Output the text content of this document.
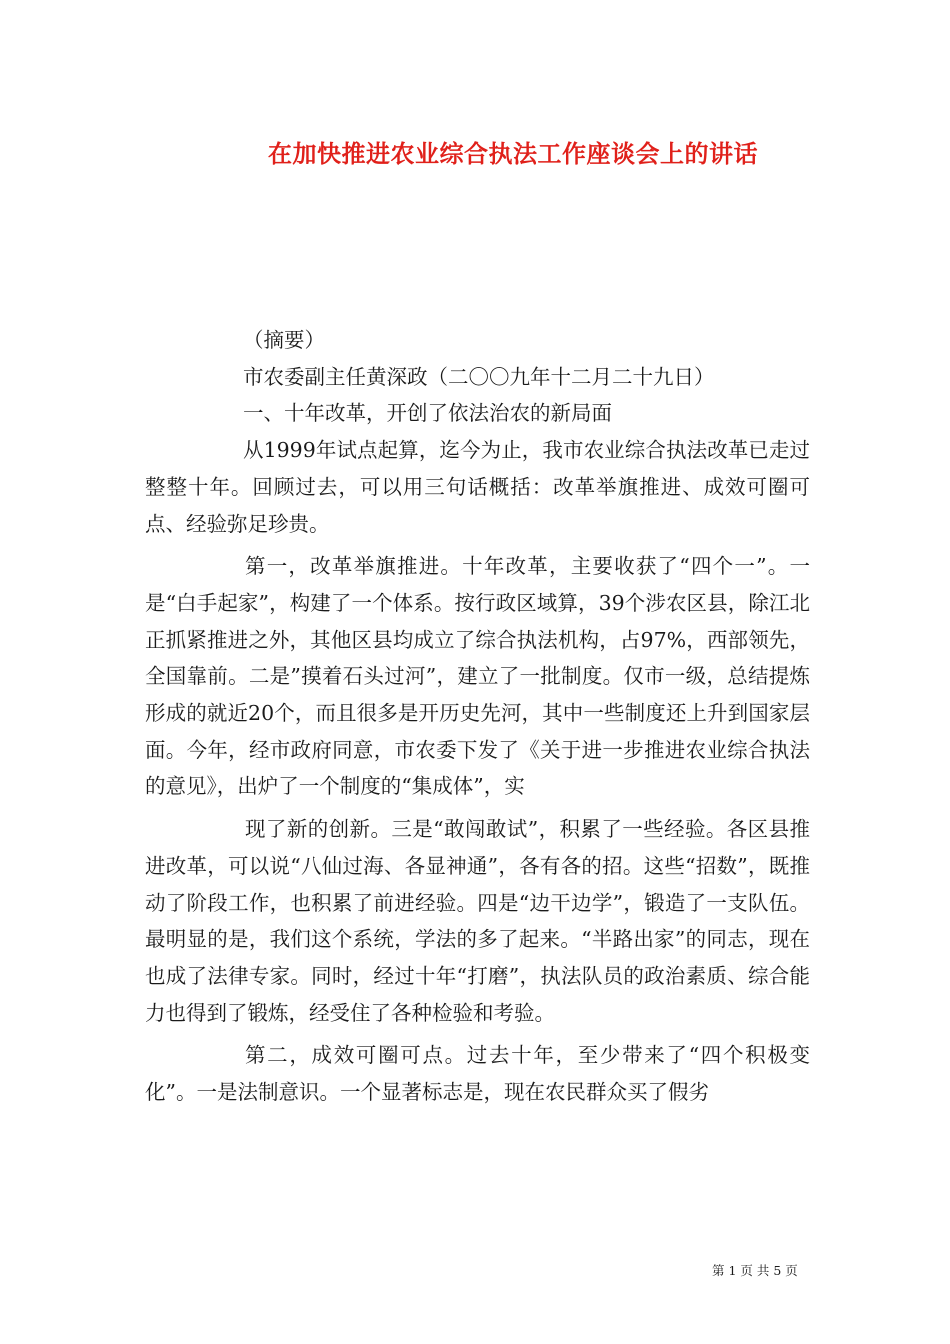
在加快推进农业综合执法工作座谈会上的讲话

（摘要）

市农委副主任黄深政（二〇〇九年十二月二十九日）

一、十年改革，开创了依法治农的新局面

从1999年试点起算，迄今为止，我市农业综合执法改革已走过整整十年。回顾过去，可以用三句话概括：改革举旗推进、成效可圈可点、经验弥足珍贵。

第一，改革举旗推进。十年改革，主要收获了“四个一”。一是“白手起家”，构建了一个体系。按行政区域算，39个涉农区县，除江北正抓紧推进之外，其他区县均成立了综合执法机构，占97%，西部领先，全国靠前。二是”摸着石头过河”，建立了一批制度。仅市一级，总结提炼形成的就近20个，而且很多是开历史先河，其中一些制度还上升到国家层面。今年，经市政府同意，市农委下发了《关于进一步推进农业综合执法的意见》，出炉了一个制度的“集成体”，实

现了新的创新。三是“敢闯敢试”，积累了一些经验。各区县推进改革，可以说“八仙过海、各显神通”，各有各的招。这些“招数”，既推动了阶段工作，也积累了前进经验。四是“边干边学”，锻造了一支队伍。最明显的是，我们这个系统，学法的多了起来。“半路出家”的同志，现在也成了法律专家。同时，经过十年“打磨”，执法队员的政治素质、综合能力也得到了锻炼，经受住了各种检验和考验。

第二，成效可圈可点。过去十年，至少带来了“四个积极变化”。一是法制意识。一个显著标志是，现在农民群众买了假劣

第 1 页 共 5 页
